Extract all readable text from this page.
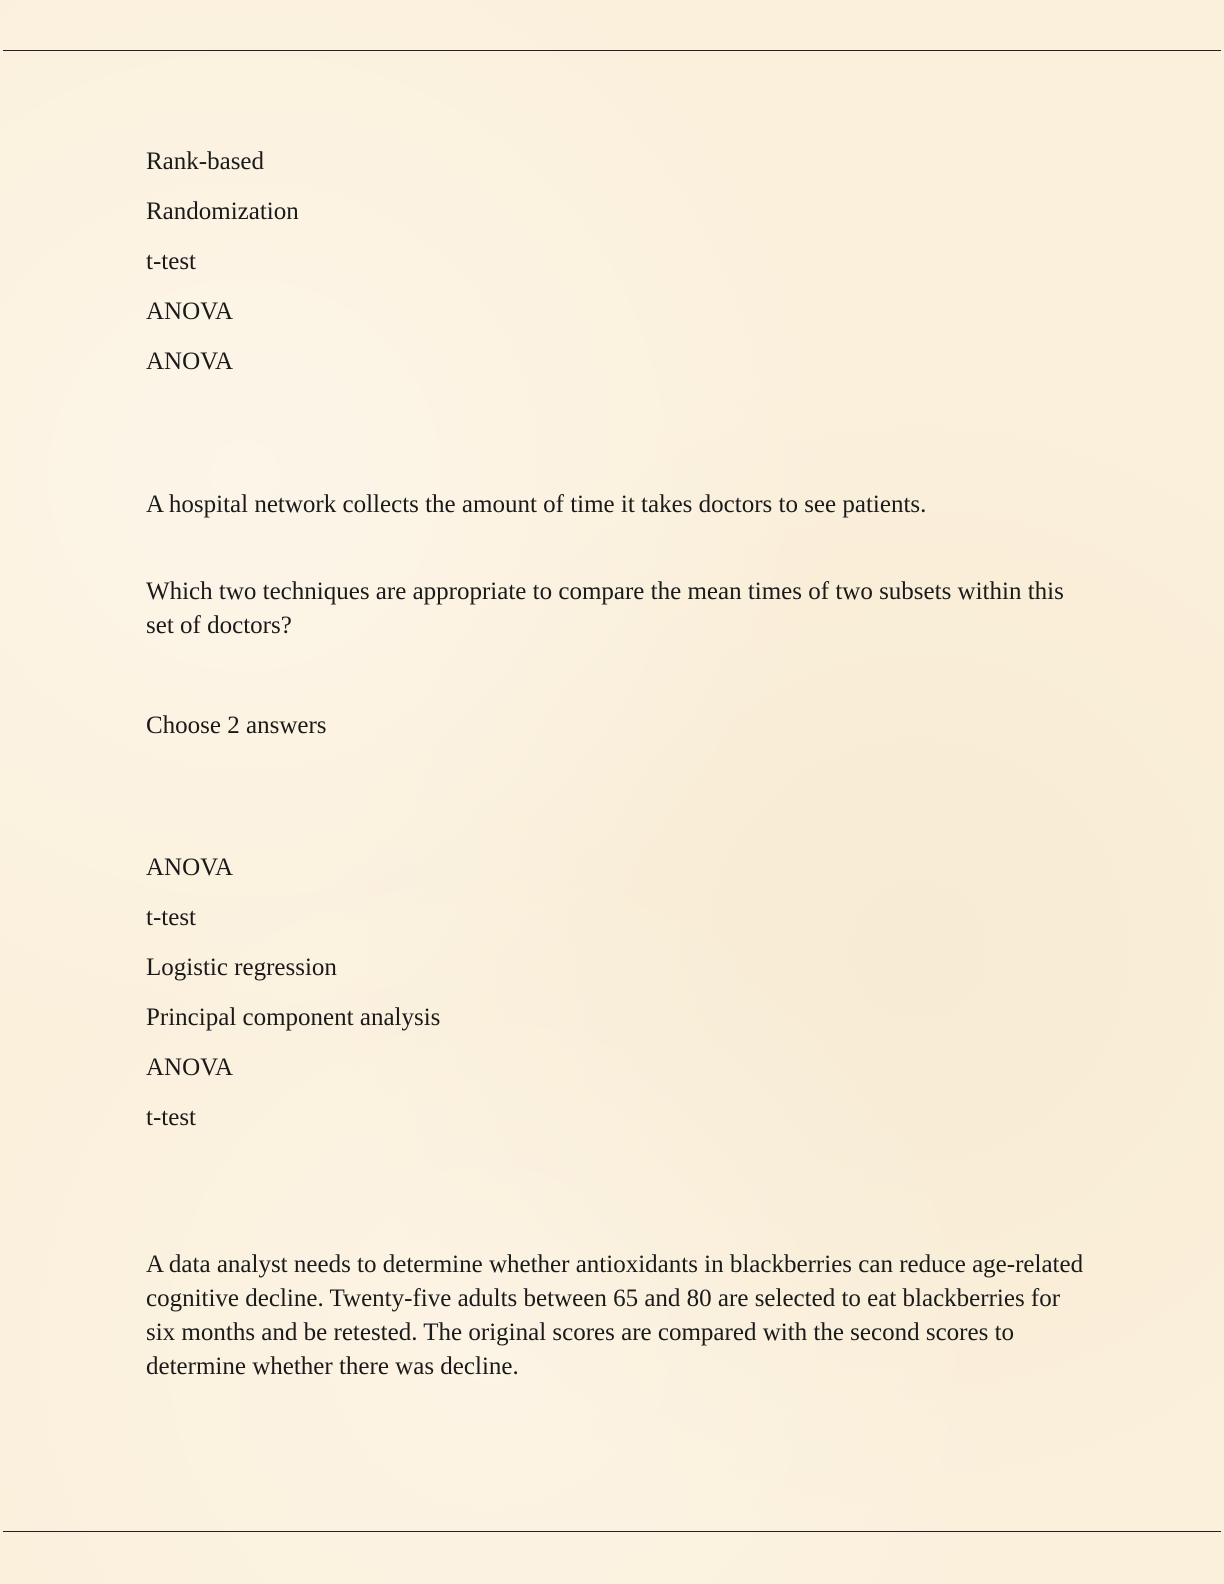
Rank-based

Randomization

t-test

ANOVA

ANOVA

A hospital network collects the amount of time it takes doctors to see patients.

Which two techniques are appropriate to compare the mean times of two subsets within this set of doctors?

Choose 2 answers

ANOVA

t-test

Logistic regression

Principal component analysis

ANOVA

t-test

A data analyst needs to determine whether antioxidants in blackberries can reduce age-related cognitive decline. Twenty-five adults between 65 and 80 are selected to eat blackberries for six months and be retested. The original scores are compared with the second scores to determine whether there was decline.
